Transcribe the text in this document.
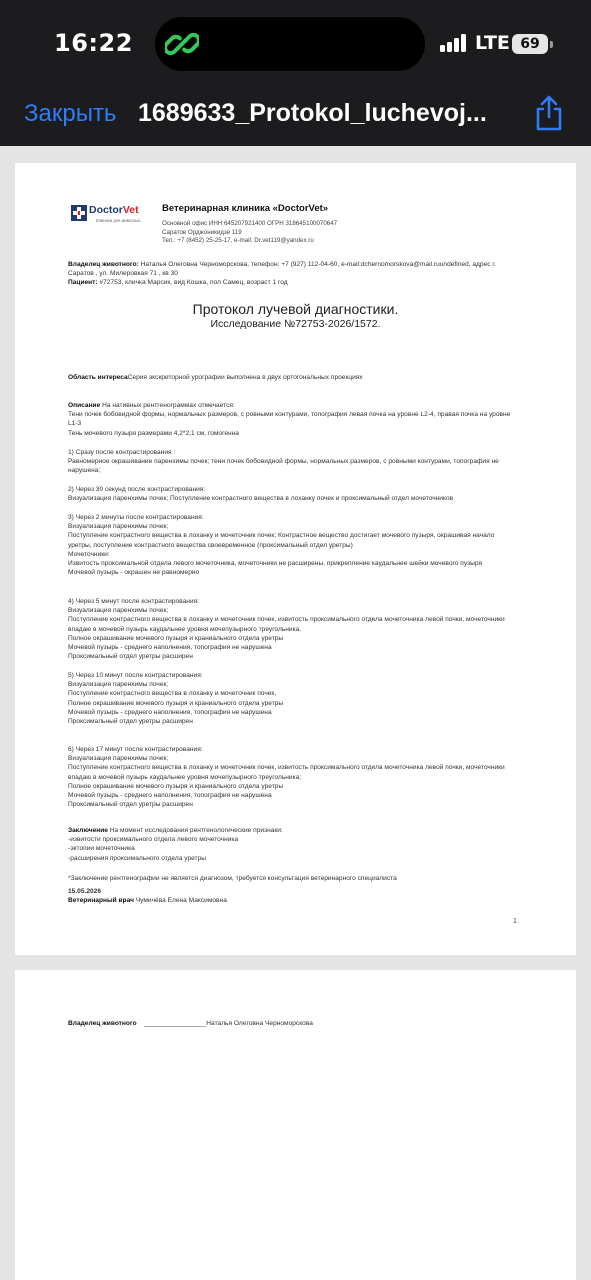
16:22	LTE 69
Закрыть 1689633_Protokol_luchevoj...
DoctorVet
Клиника для животных
Ветеринарная клиника «DoctorVet»
Основной офис ИНН 645207921400 ОГРН 318645100070647
Саратов Орджоникидзе 119
Тел.: +7 (8452) 25-25-17, e-mail: Dr.vet119@yandex.ru

Владелец животного: Наталья Олеговна Черноморскова, телефон: +7 (927) 112-04-60, e-mail:dchernomorskova@mail.ruundefined, адрес г. Саратов , ул. Милеровкая 71 , кв 30

Пациент: #72753, кличка Марсик, вид Кошка, пол Самец, возраст 1 год

Протокол лучевой диагностики.
Исследование №72753-2026/1572.

Область интересаСерия экскреторной урографии выполнена в двух ортогональных проекциях

Описание На нативных рентгенограммах отмечается:
Тени почек бобовидной формы, нормальных размеров, с ровными контурами, топография левая почка на уровне L2-4, правая почка на уровне L1-3
Тень мочевого пузыря размерами 4,2*2,1 см, гомогенна

1) Сразу после контрастирования :
Равномерное окрашивание паренхимы почек; тени почек бобовидной формы, нормальных размеров, с ровными контурами, топография не нарушена;

2) Через 30 секунд после контрастирования:
Визуализация паренхимы почек; Поступление контрастного вещества в лоханку почек и проксимальный отдел мочеточников

3) Через 2 минуты после контрастирования:
Визуализация паренхимы почек;
Поступление контрастного вещества в лоханку и мочеточник почек; Контрастное вещество достигает мочевого пузыря, окрашивая начало уретры, поступление контрастного вещества своевременное (проксимальный отдел уретры)
Мочеточники:
Извитость проксимальной отдела левого мочеточника, мочеточники не расширены, прикрепление каудальнее шейки мочевого пузыря
Мочевой пузырь - окрашен не равномерно

4) Через 5 минут после контрастирования:
Визуализация паренхимы почек;
Поступление контрастного вещества в лоханку и мочеточник почек, извитость проксимального отдела мочеточника левой почки, мочеточники впадаю в мочевой пузырь каудальнее уровня мочепузырного треугольника,
Полное окрашивание мочевого пузыря и краниального отдела уретры
Мочевой пузырь - среднего наполнения, топография не нарушена
Проксимальный отдел уретры расширен

5) Через 10 минут после контрастирования:
Визуализация паренхимы почек;
Поступление контрастного вещества в лоханку и мочеточник почек,
Полное окрашивание мочевого пузыря и краниального отдела уретры
Мочевой пузырь - среднего наполнения, топография не нарушена
Проксимальный отдел уретры расширен

6) Через 17 минут после контрастирования:
Визуализация паренхимы почек;
Поступление контрастного вещества в лоханку и мочеточник почек, извитость проксимального отдела мочеточника левой почки, мочеточники впадаю в мочевой пузырь каудальнее уровня мочепузырного треугольника;
Полное окрашивание мочевого пузыря и краниального отдела уретры
Мочевой пузырь - среднего наполнения, топография не нарушена
Проксимальный отдел уретры расширен

Заключение На момент исследования рентгенологические признаки:
-извитости проксимального отдела левого мочеточника
-эктопии мочеточника
-расширения проксимального отдела уретры

*Заключение рентгенографии не является диагнозом, требуется консультация ветеринарного специалиста

15.05.2026

Ветеринарный врач Чумичёва Елена Максимовна

1

Владелец животного _________________Наталья Олеговна Черноморскова
